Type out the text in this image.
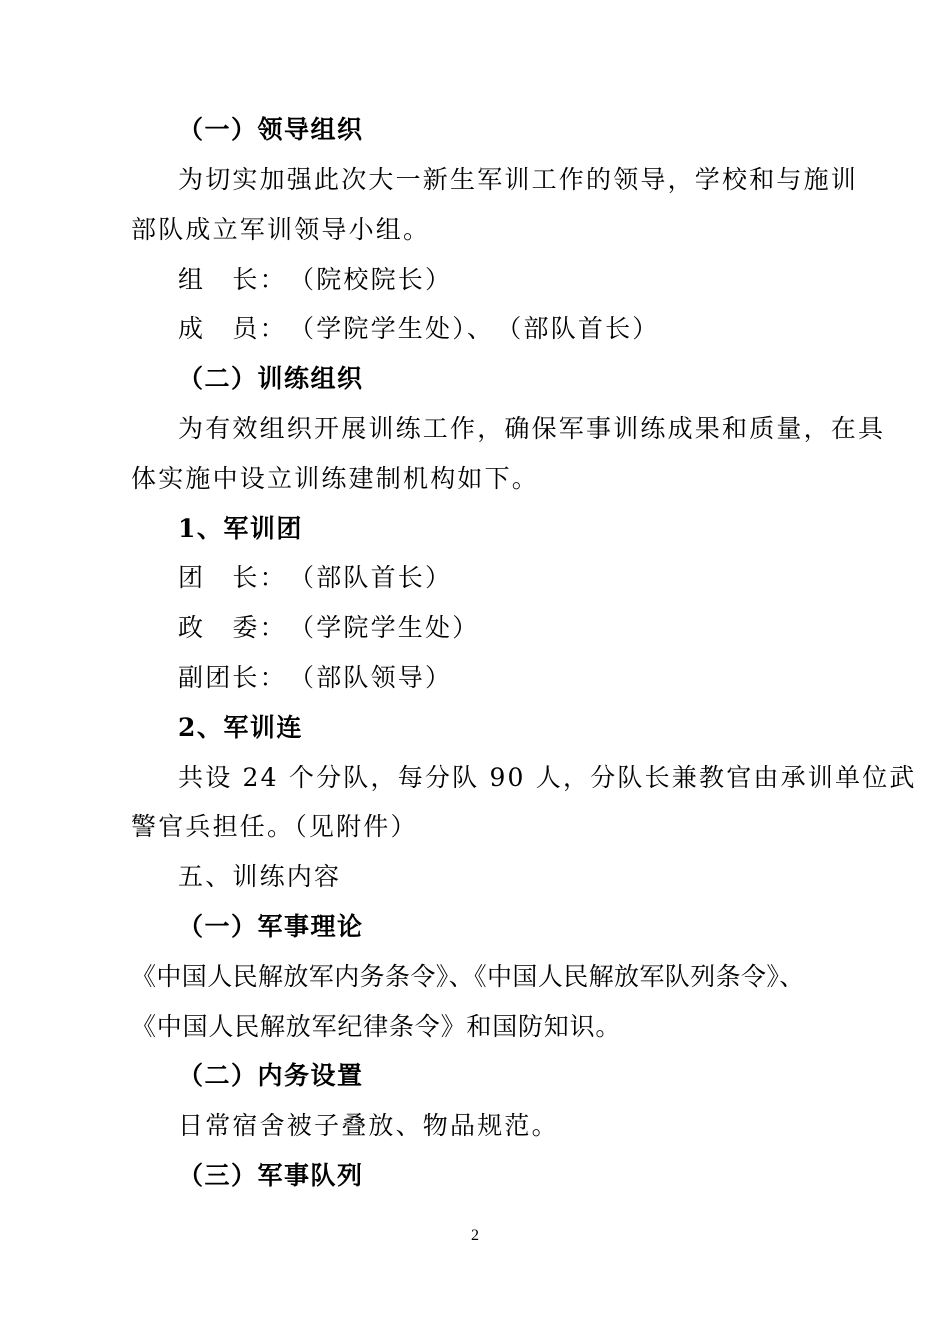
（一）领导组织
为切实加强此次大一新生军训工作的领导，学校和与施训
部队成立军训领导小组。
组　长：　（院校院长）
成　员：　（学院学生处）、　（部队首长）
（二）训练组织
为有效组织开展训练工作，确保军事训练成果和质量，在具
体实施中设立训练建制机构如下。
1、军训团
团　长：　（部队首长）
政　委：　（学院学生处）
副团长：　（部队领导）
2、军训连
共设 24 个分队，每分队 90 人，分队长兼教官由承训单位武
警官兵担任。（见附件）
五、训练内容
（一）军事理论
《中国人民解放军内务条令》、《中国人民解放军队列条令》、
《中国人民解放军纪律条令》和国防知识。
（二）内务设置
日常宿舍被子叠放、物品规范。
（三）军事队列
2
